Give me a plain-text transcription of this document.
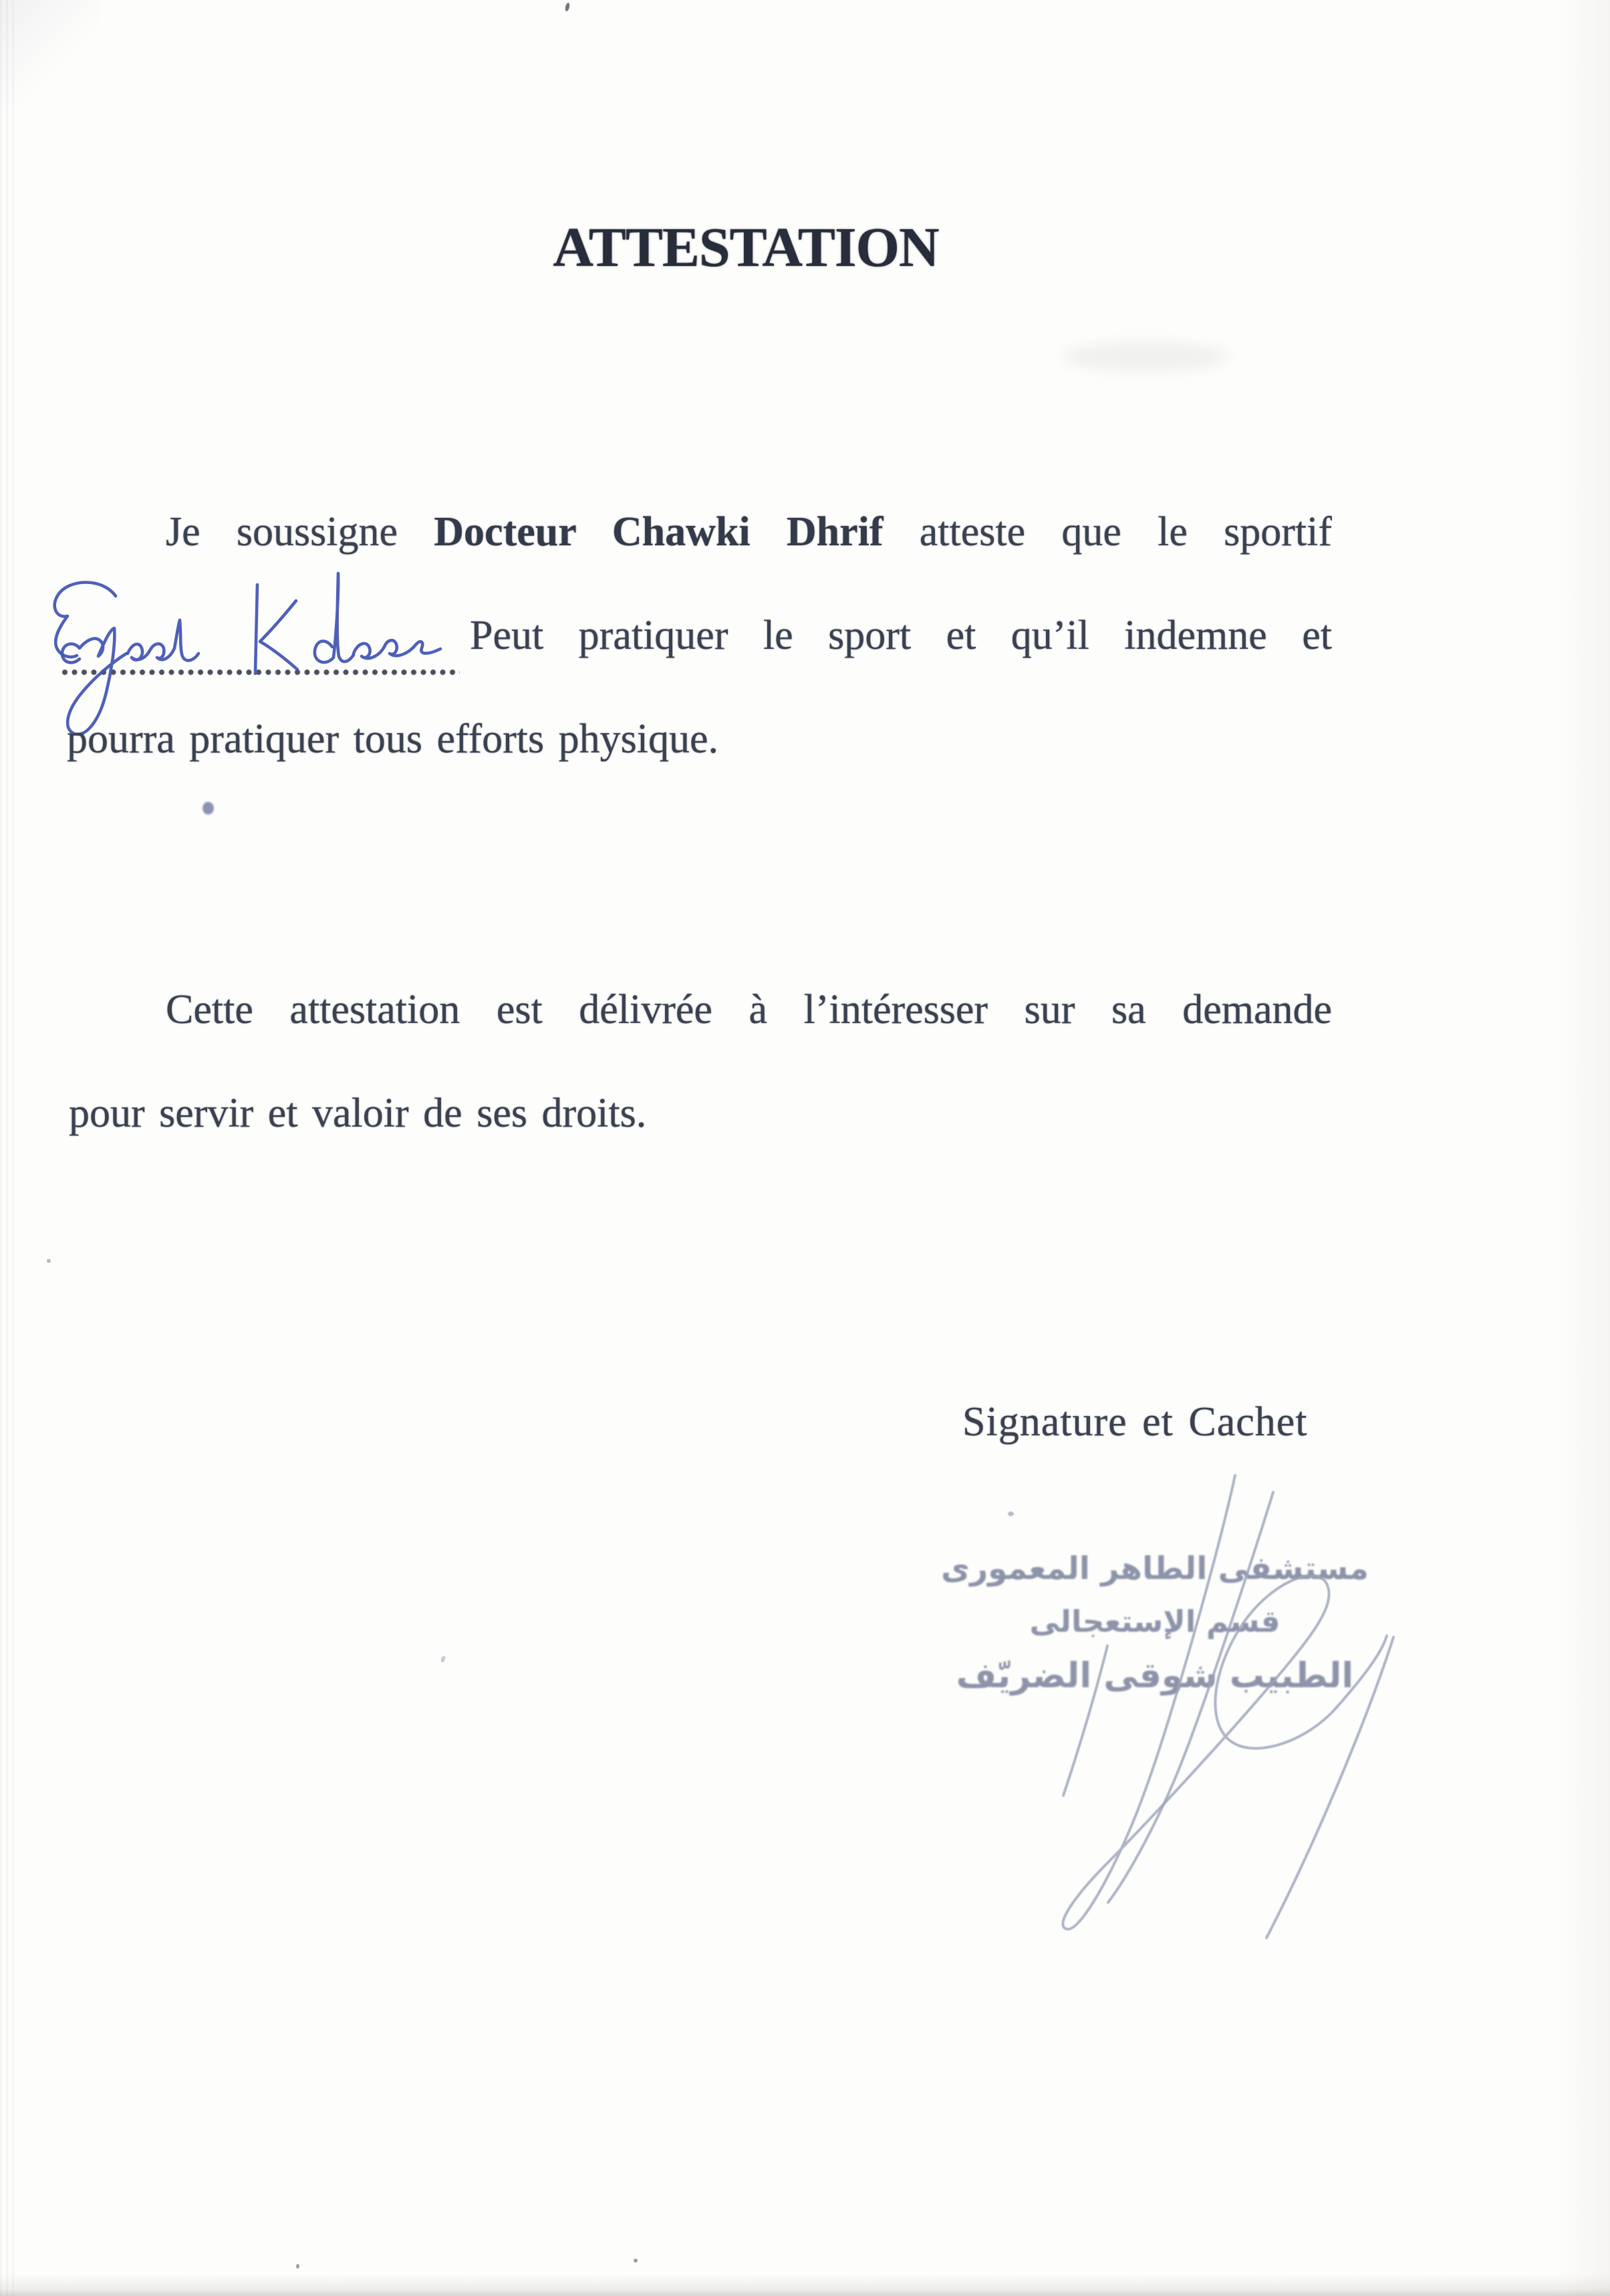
ATTESTATION
Je soussigne Docteur Chawki Dhrif atteste que le sportif
Peut pratiquer le sport et qu’il indemne et
pourra pratiquer tous efforts physique.
Cette attestation est délivrée à l’intéresser sur sa demande
pour servir et valoir de ses droits.
Signature et Cachet
مستشفى الطاهر المعمورى
قسم الإستعجالى
الطبيب شوقى الضريّف
